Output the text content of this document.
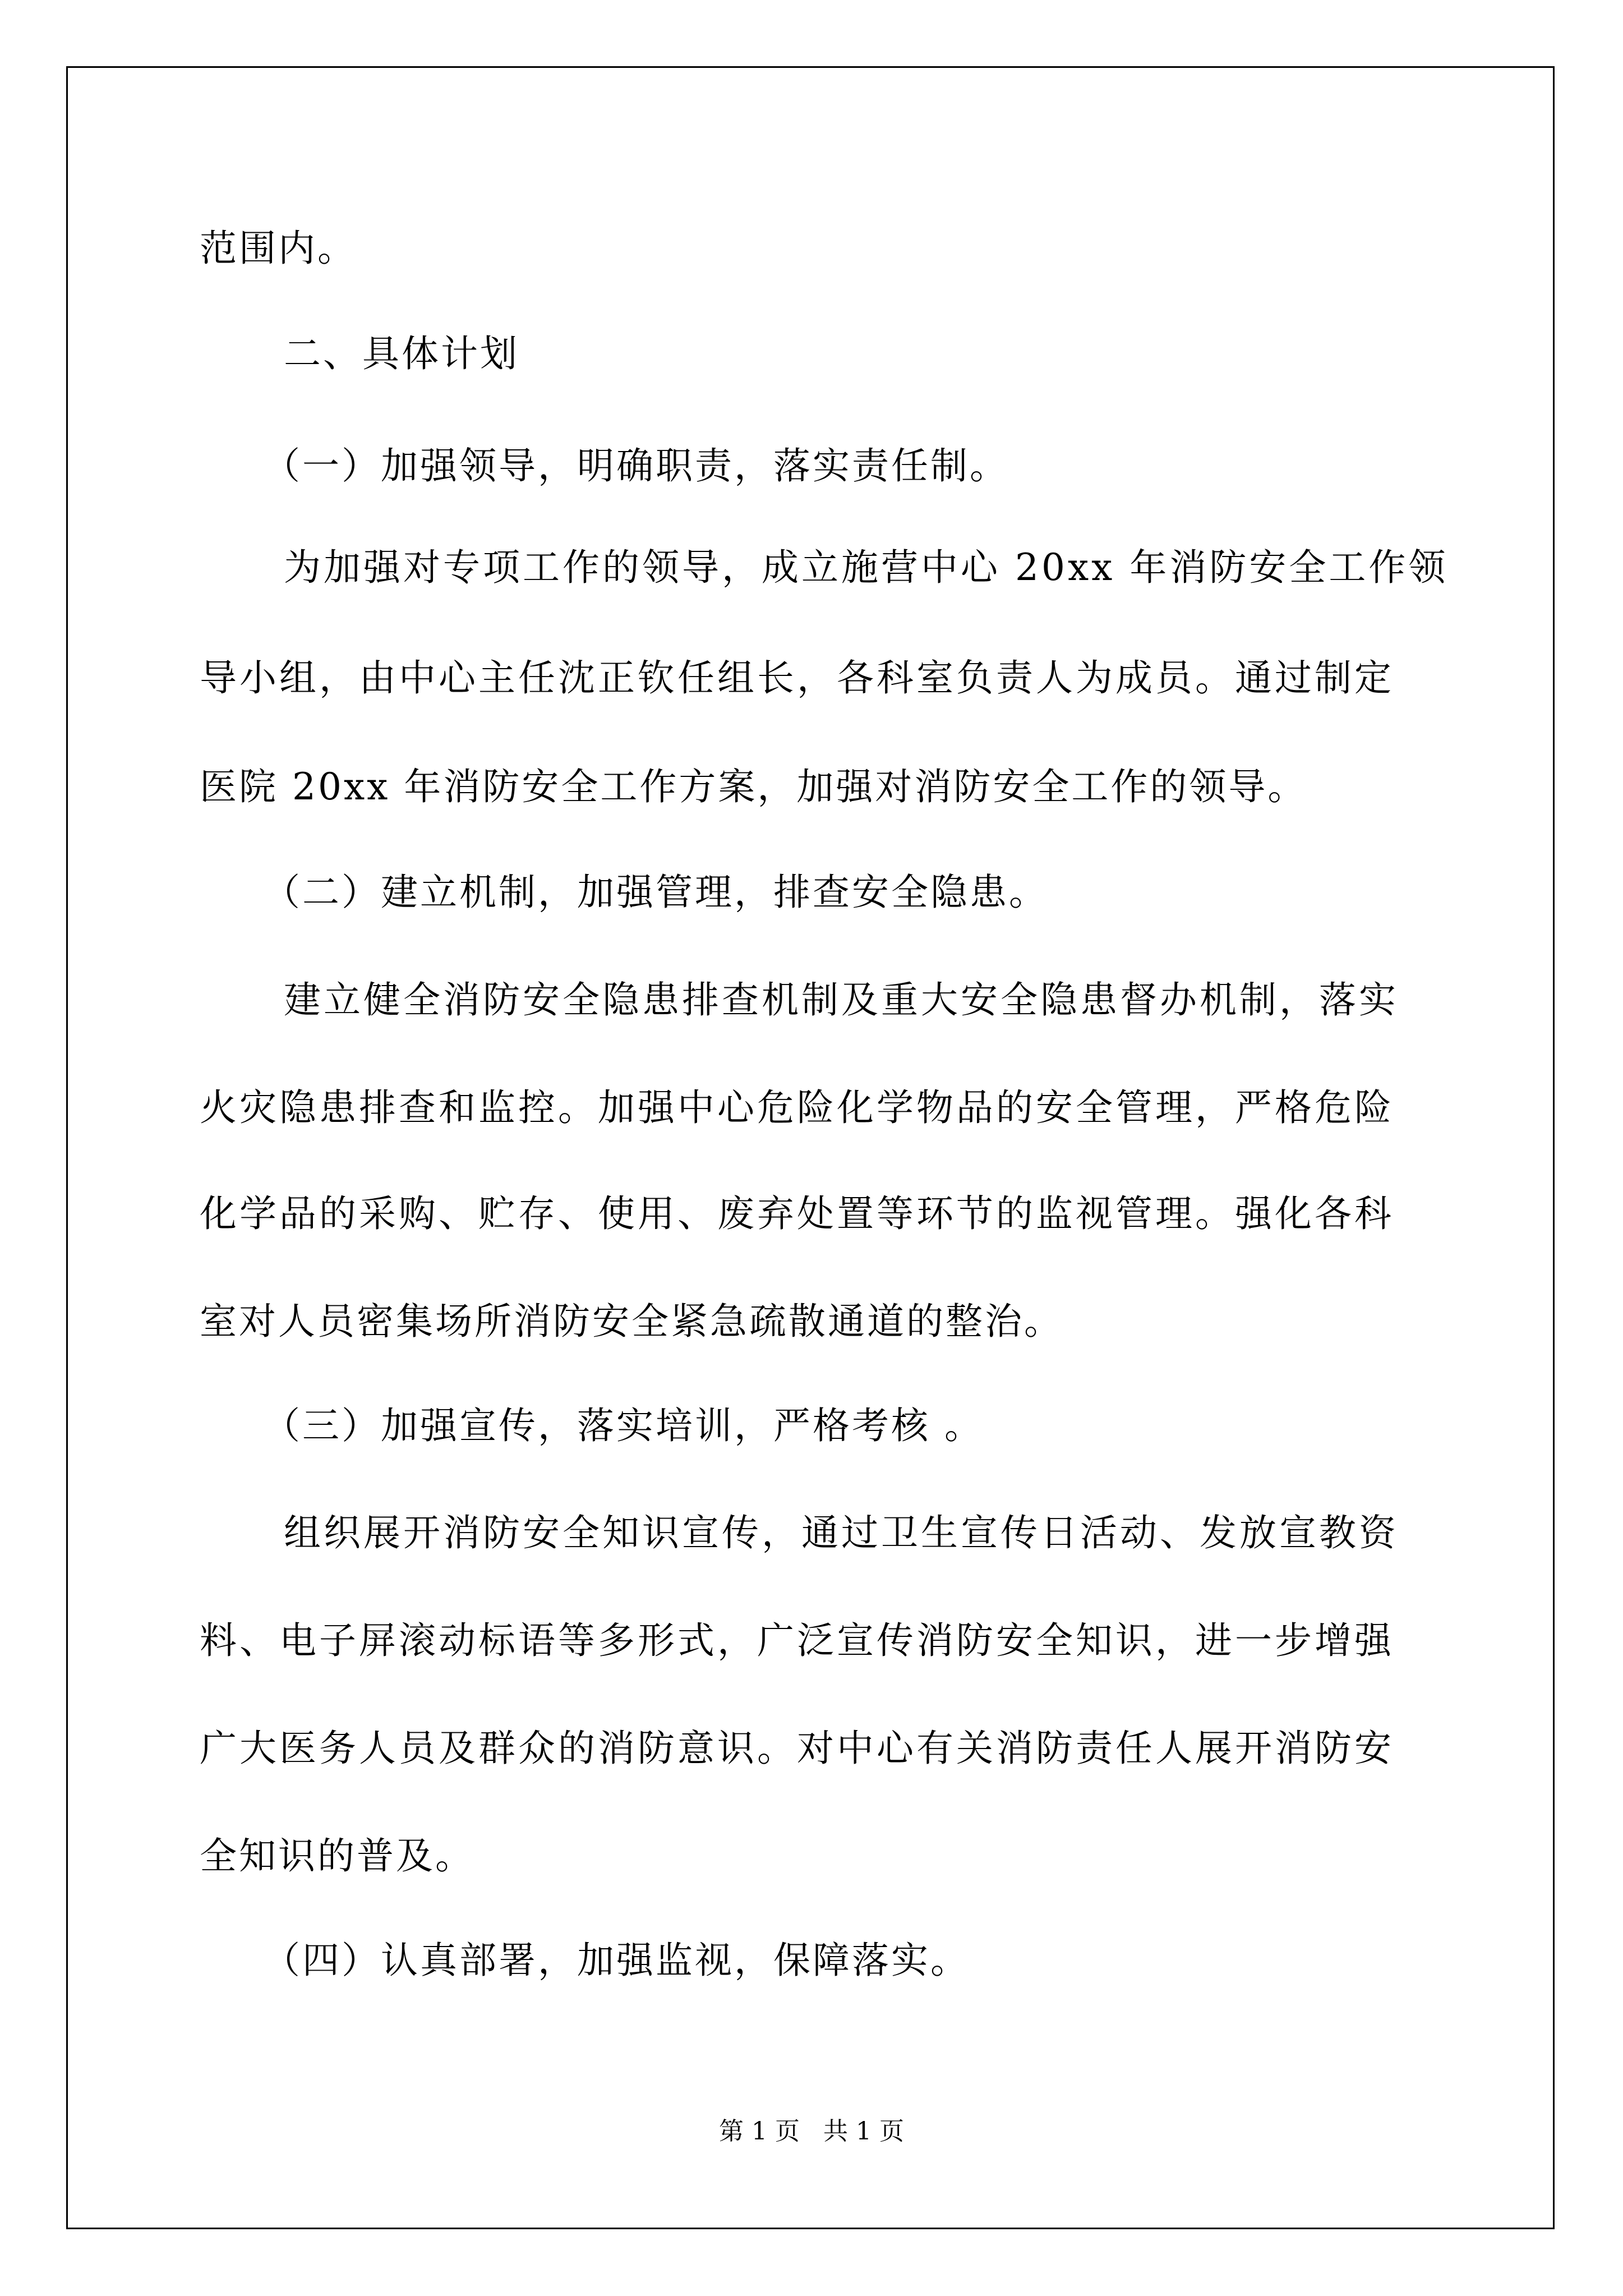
范围内。
二、具体计划
（一）加强领导，明确职责，落实责任制。
为加强对专项工作的领导，成立施营中心 20xx 年消防安全工作领
导小组，由中心主任沈正钦任组长，各科室负责人为成员。通过制定
医院 20xx 年消防安全工作方案，加强对消防安全工作的领导。
（二）建立机制，加强管理，排查安全隐患。
建立健全消防安全隐患排查机制及重大安全隐患督办机制，落实
火灾隐患排查和监控。加强中心危险化学物品的安全管理，严格危险
化学品的采购、贮存、使用、废弃处置等环节的监视管理。强化各科
室对人员密集场所消防安全紧急疏散通道的整治。
（三）加强宣传，落实培训，严格考核 。
组织展开消防安全知识宣传，通过卫生宣传日活动、发放宣教资
料、电子屏滚动标语等多形式，广泛宣传消防安全知识，进一步增强
广大医务人员及群众的消防意识。对中心有关消防责任人展开消防安
全知识的普及。
（四）认真部署，加强监视，保障落实。
第 1 页   共 1 页
